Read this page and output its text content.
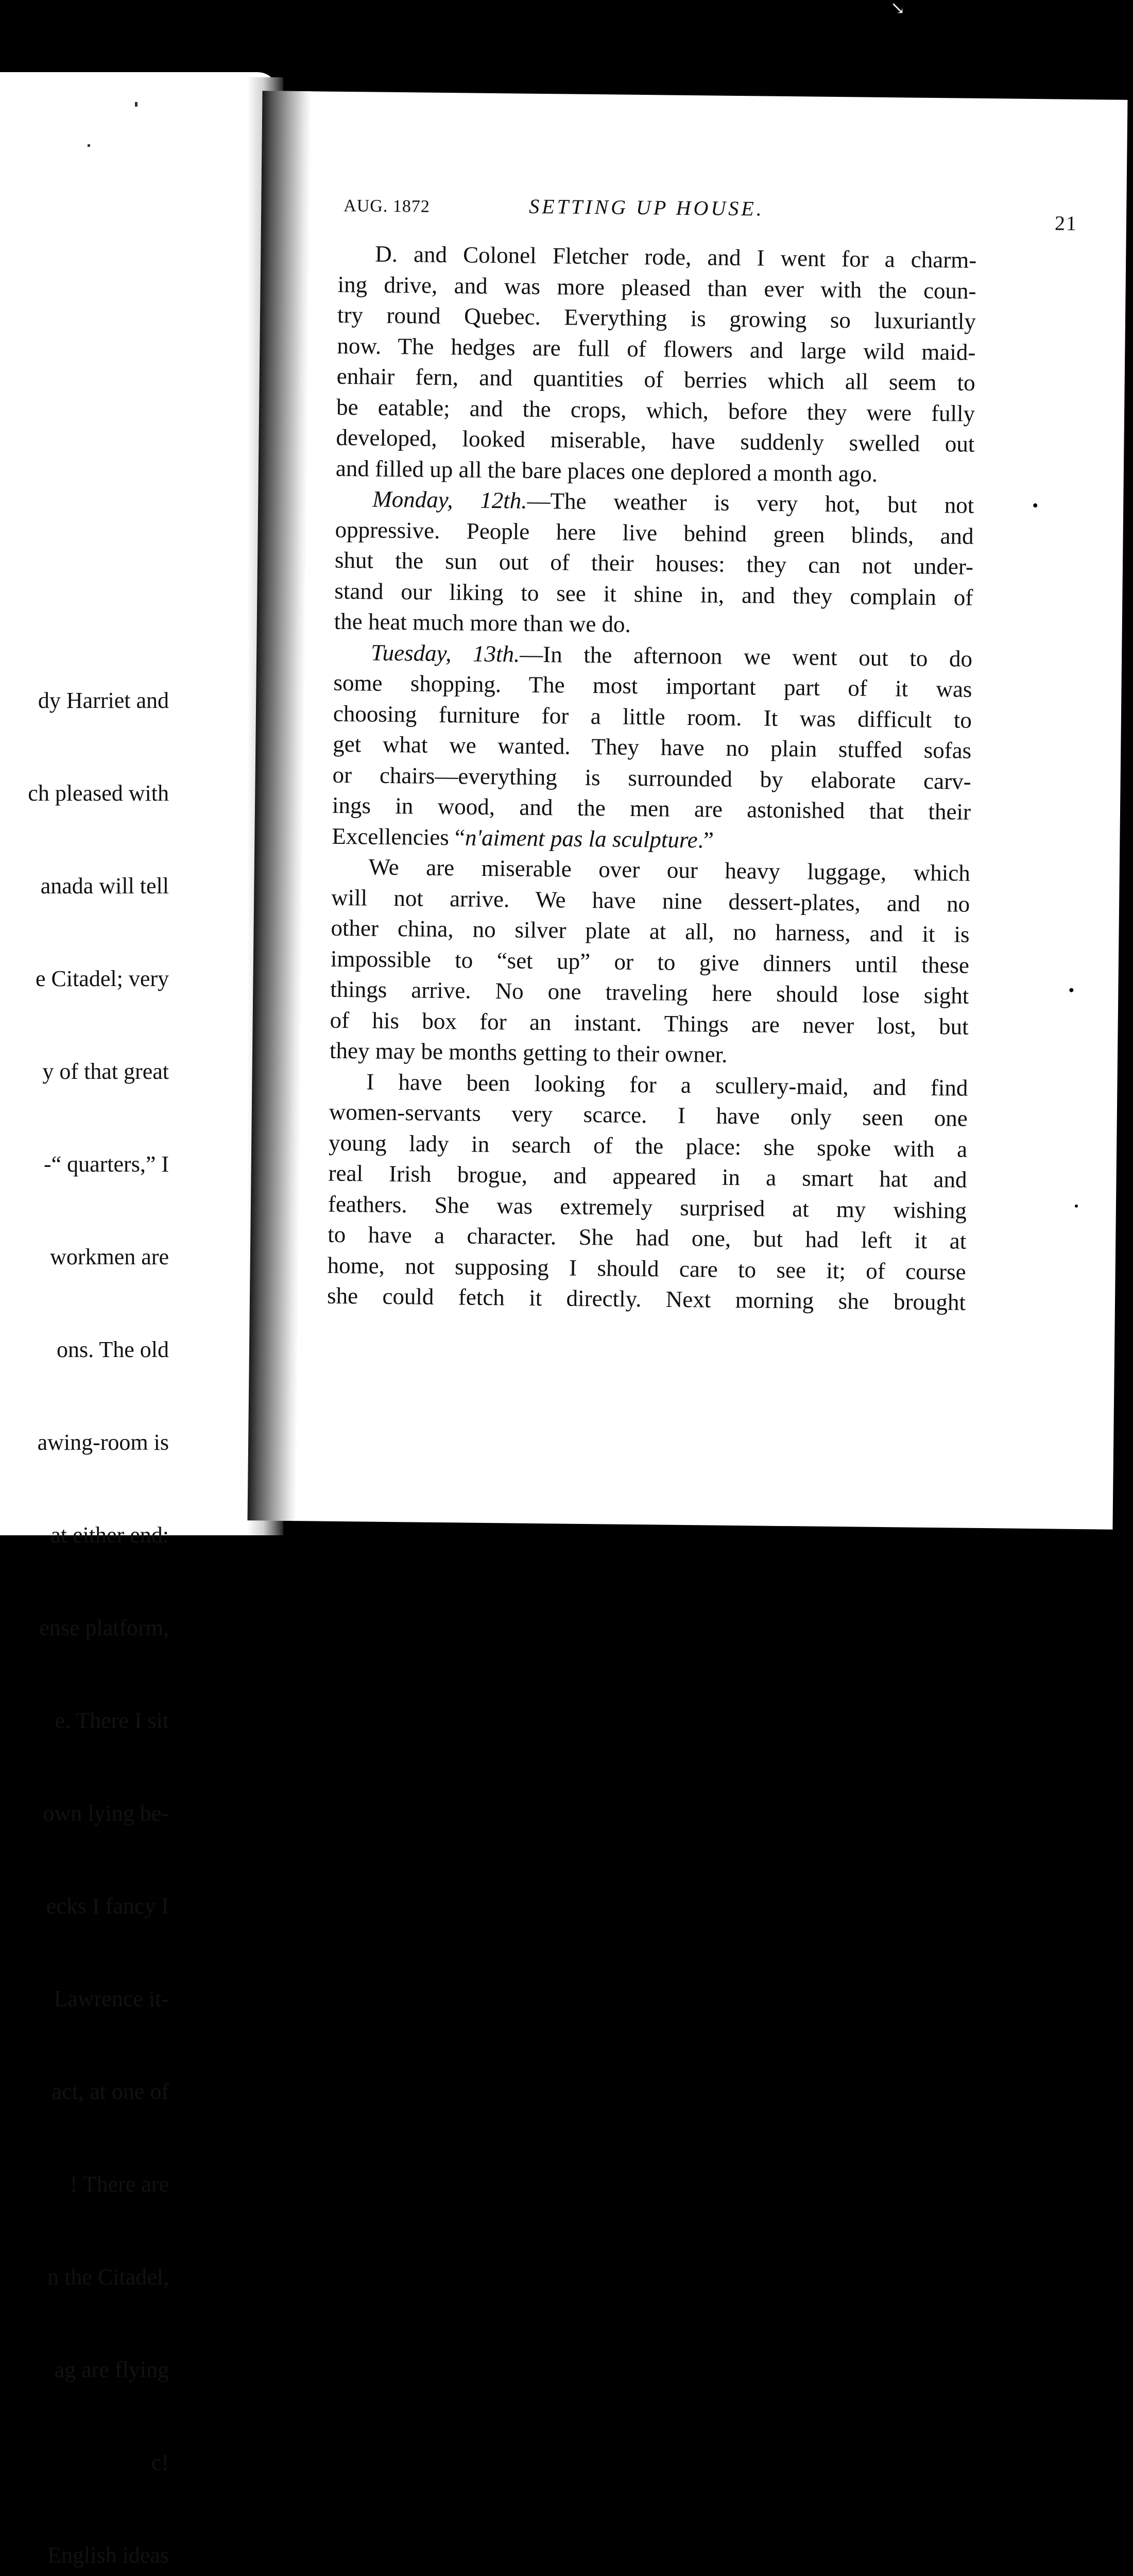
↘

dy Harriet and

ch pleased with

anada will tell

e Citadel; very

y of that great

-“ quarters,” I

workmen are

ons. The old

awing-room is

at either end:

ense platform,

e. There I sit

own lying be-

ecks I fancy I

Lawrence it-

act, at one of

! There are

n the Citadel,

ag are flying

c!

English ideas

AUG. 1872	SETTING UP HOUSE.
21
D. and Colonel Fletcher rode, and I went for a charm-
ing drive, and was more pleased than ever with the coun-
try round Quebec. Everything is growing so luxuriantly
now. The hedges are full of flowers and large wild maid-
enhair fern, and quantities of berries which all seem to
be eatable; and the crops, which, before they were fully
developed, looked miserable, have suddenly swelled out
and filled up all the bare places one deplored a month ago.
Monday, 12th.—The weather is very hot, but not
oppressive. People here live behind green blinds, and
shut the sun out of their houses: they can not under-
stand our liking to see it shine in, and they complain of
the heat much more than we do.
Tuesday, 13th.—In the afternoon we went out to do
some shopping. The most important part of it was
choosing furniture for a little room. It was difficult to
get what we wanted. They have no plain stuffed sofas
or chairs—everything is surrounded by elaborate carv-
ings in wood, and the men are astonished that their
Excellencies “n'aiment pas la sculpture.”
We are miserable over our heavy luggage, which
will not arrive. We have nine dessert-plates, and no
other china, no silver plate at all, no harness, and it is
impossible to “set up” or to give dinners until these
things arrive. No one traveling here should lose sight
of his box for an instant. Things are never lost, but
they may be months getting to their owner.
I have been looking for a scullery-maid, and find
women-servants very scarce. I have only seen one
young lady in search of the place: she spoke with a
real Irish brogue, and appeared in a smart hat and
feathers. She was extremely surprised at my wishing
to have a character. She had one, but had left it at
home, not supposing I should care to see it; of course
she could fetch it directly. Next morning she brought
